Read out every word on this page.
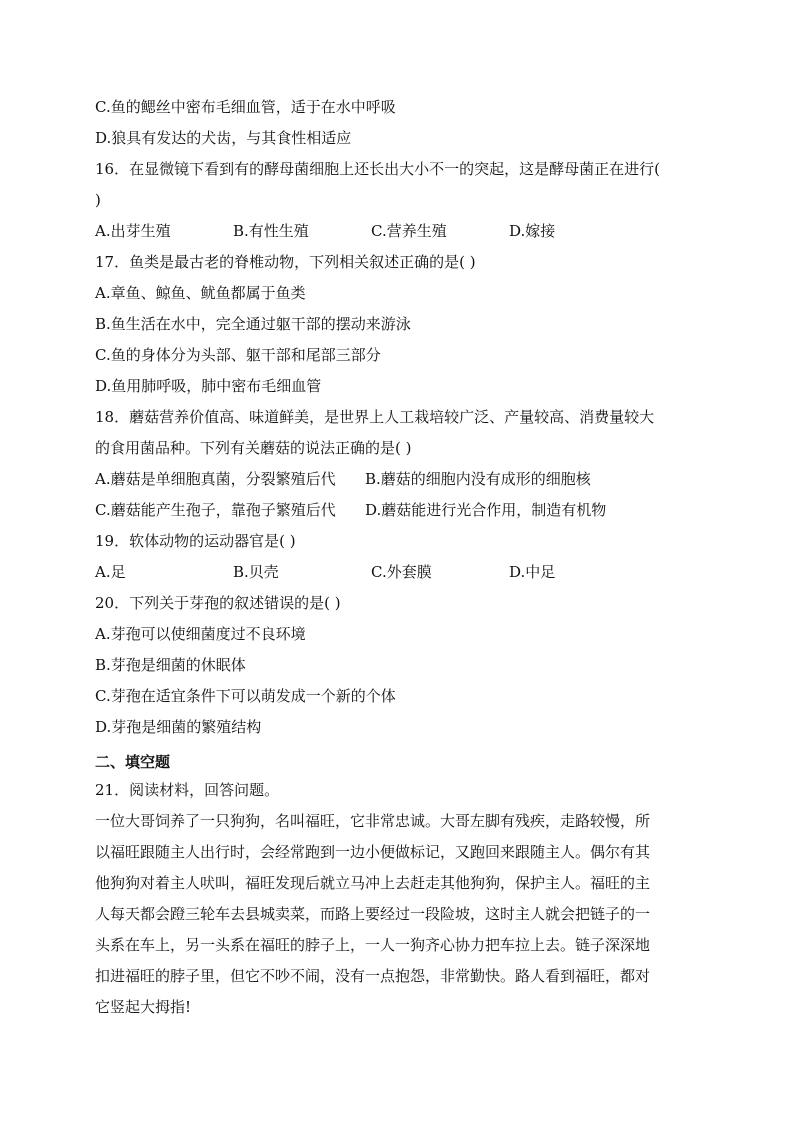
C.鱼的鳃丝中密布毛细血管，适于在水中呼吸
D.狼具有发达的犬齿，与其食性相适应
16．在显微镜下看到有的酵母菌细胞上还长出大小不一的突起，这是酵母菌正在进行(
)
A.出芽生殖	B.有性生殖	C.营养生殖	D.嫁接
17．鱼类是最古老的脊椎动物，下列相关叙述正确的是( )
A.章鱼、鲸鱼、鱿鱼都属于鱼类
B.鱼生活在水中，完全通过躯干部的摆动来游泳
C.鱼的身体分为头部、躯干部和尾部三部分
D.鱼用肺呼吸，肺中密布毛细血管
18．蘑菇营养价值高、味道鲜美，是世界上人工栽培较广泛、产量较高、消费量较大
的食用菌品种。下列有关蘑菇的说法正确的是( )
A.蘑菇是单细胞真菌，分裂繁殖后代	B.蘑菇的细胞内没有成形的细胞核
C.蘑菇能产生孢子，靠孢子繁殖后代	D.蘑菇能进行光合作用，制造有机物
19．软体动物的运动器官是( )
A.足	B.贝壳	C.外套膜	D.中足
20．下列关于芽孢的叙述错误的是( )
A.芽孢可以使细菌度过不良环境
B.芽孢是细菌的休眠体
C.芽孢在适宜条件下可以萌发成一个新的个体
D.芽孢是细菌的繁殖结构
二、填空题
21．阅读材料，回答问题。
一位大哥饲养了一只狗狗，名叫福旺，它非常忠诚。大哥左脚有残疾，走路较慢，所
以福旺跟随主人出行时，会经常跑到一边小便做标记，又跑回来跟随主人。偶尔有其
他狗狗对着主人吠叫，福旺发现后就立马冲上去赶走其他狗狗，保护主人。福旺的主
人每天都会蹬三轮车去县城卖菜，而路上要经过一段险坡，这时主人就会把链子的一
头系在车上，另一头系在福旺的脖子上，一人一狗齐心协力把车拉上去。链子深深地
扣进福旺的脖子里，但它不吵不闹，没有一点抱怨，非常勤快。路人看到福旺，都对
它竖起大拇指!
